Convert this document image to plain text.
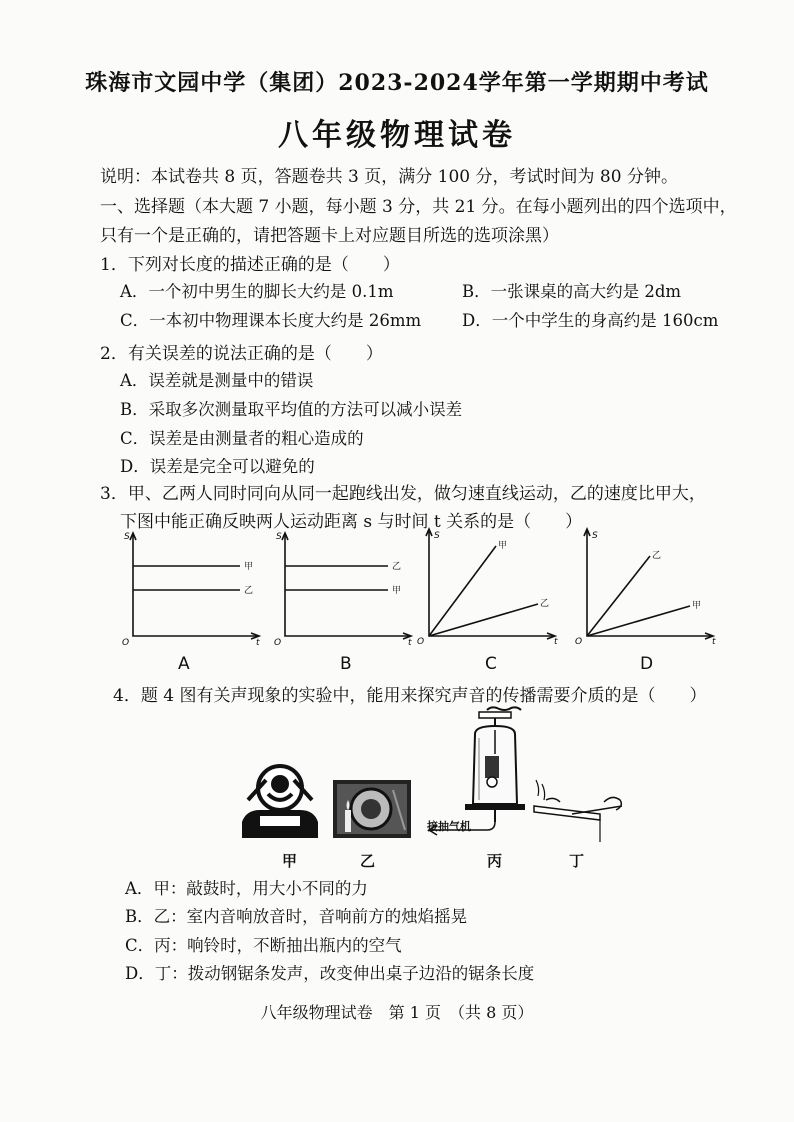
珠海市文园中学（集团）2023-2024学年第一学期期中考试
八年级物理试卷
说明：本试卷共 8 页，答题卷共 3 页，满分 100 分，考试时间为 80 分钟。
一、选择题（本大题 7 小题，每小题 3 分，共 21 分。在每小题列出的四个选项中，
只有一个是正确的，请把答题卡上对应题目所选的选项涂黑）
1．下列对长度的描述正确的是（　　）
A．一个初中男生的脚长大约是 0.1m	B．一张课桌的高大约是 2dm
C．一本初中物理课本长度大约是 26mm D．一个中学生的身高约是 160cm
2．有关误差的说法正确的是（　　）
A．误差就是测量中的错误
B．采取多次测量取平均值的方法可以减小误差
C．误差是由测量者的粗心造成的
D．误差是完全可以避免的
3．甲、乙两人同时同向从同一起跑线出发，做匀速直线运动，乙的速度比甲大，
下图中能正确反映两人运动距离 s 与时间 t 关系的是（　　）
S
t
O
甲
乙
A
S
t
O
乙
甲
B
S
t
O
甲
乙
C
S
t
O
乙
甲
D
4．题 4 图有关声现象的实验中，能用来探究声音的传播需要介质的是（　　）
甲	乙
接抽气机
丙	丁
A．甲：敲鼓时，用大小不同的力
B．乙：室内音响放音时，音响前方的烛焰摇晃
C．丙：响铃时，不断抽出瓶内的空气
D．丁：拨动钢锯条发声，改变伸出桌子边沿的锯条长度
八年级物理试卷　第 1 页　（共 8 页）
